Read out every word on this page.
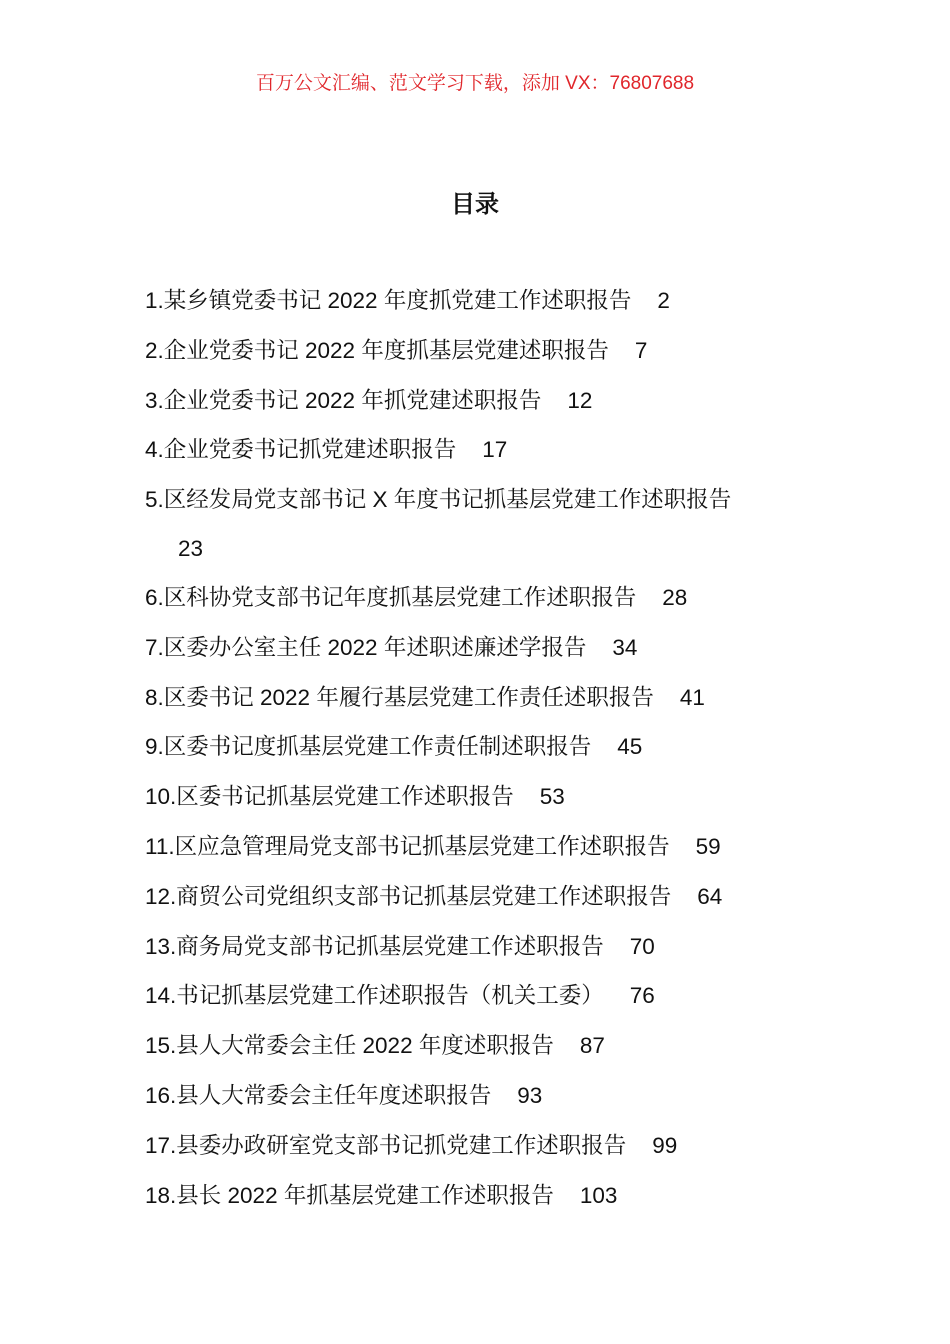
百万公文汇编、范文学习下载，添加 VX：76807688
目录
1.某乡镇党委书记 2022 年度抓党建工作述职报告 2
2.企业党委书记 2022 年度抓基层党建述职报告 7
3.企业党委书记 2022 年抓党建述职报告 12
4.企业党委书记抓党建述职报告 17
5.区经发局党支部书记 X 年度书记抓基层党建工作述职报告
23
6.区科协党支部书记年度抓基层党建工作述职报告 28
7.区委办公室主任 2022 年述职述廉述学报告 34
8.区委书记 2022 年履行基层党建工作责任述职报告 41
9.区委书记度抓基层党建工作责任制述职报告 45
10.区委书记抓基层党建工作述职报告 53
11.区应急管理局党支部书记抓基层党建工作述职报告 59
12.商贸公司党组织支部书记抓基层党建工作述职报告 64
13.商务局党支部书记抓基层党建工作述职报告 70
14.书记抓基层党建工作述职报告（机关工委） 76
15.县人大常委会主任 2022 年度述职报告 87
16.县人大常委会主任年度述职报告 93
17.县委办政研室党支部书记抓党建工作述职报告 99
18.县长 2022 年抓基层党建工作述职报告 103
